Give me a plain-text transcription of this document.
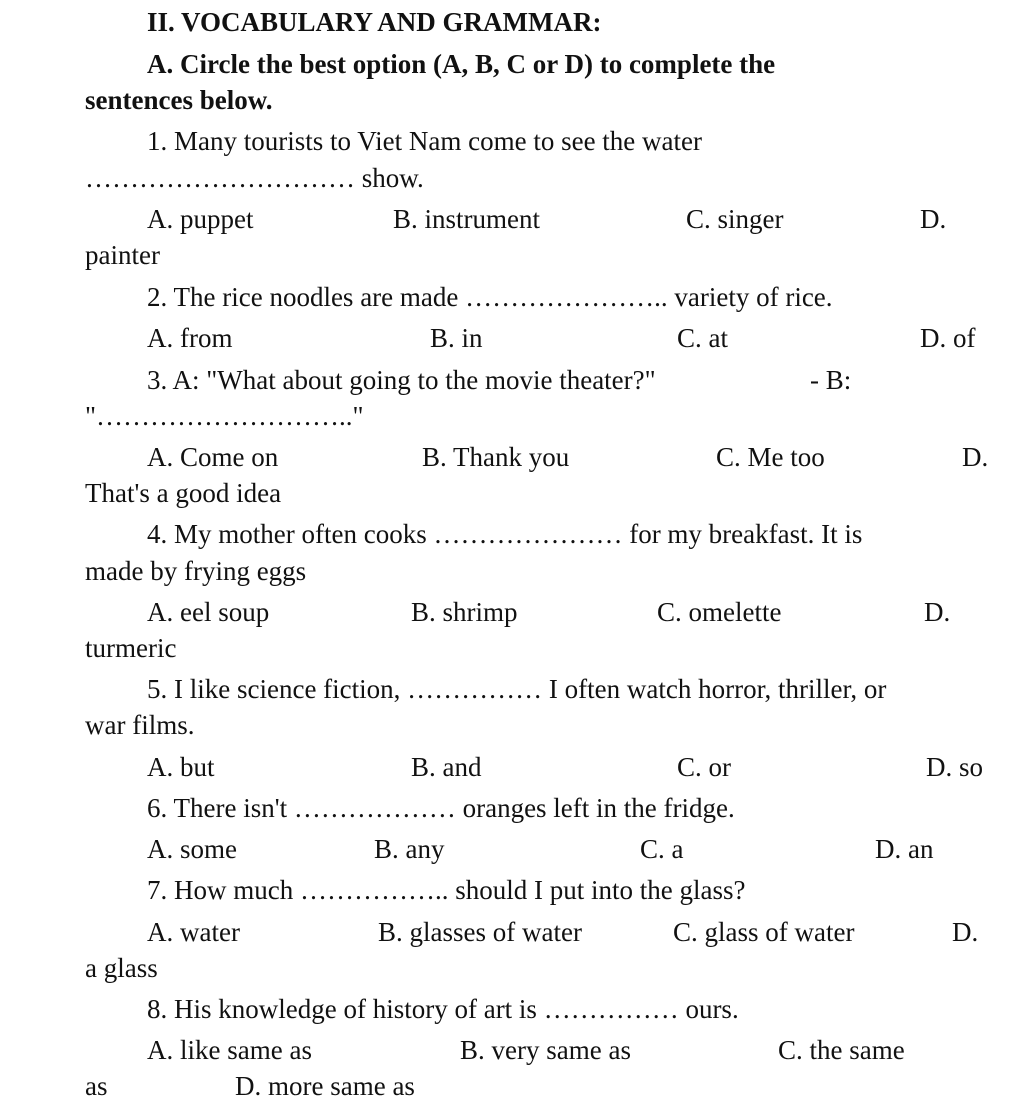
II. VOCABULARY AND GRAMMAR:
A. Circle the best option (A, B, C or D) to complete the
sentences below.
1. Many tourists to Viet Nam come to see the water
………………………… show.
A. puppet	B. instrument	C. singer	D.
painter
2. The rice noodles are made ………………….. variety of rice.
A. from	B. in	C. at	D. of
3. A: "What about going to the movie theater?"	- B:
"……………………….."
A. Come on	B. Thank you	C. Me too	D.
That's a good idea
4. My mother often cooks ………………… for my breakfast. It is
made by frying eggs
A. eel soup	B. shrimp	C. omelette	D.
turmeric
5. I like science fiction, …………… I often watch horror, thriller, or
war films.
A. but	B. and	C. or	D. so
6. There isn't ……………… oranges left in the fridge.
A. some	B. any	C. a	D. an
7. How much …………….. should I put into the glass?
A. water	B. glasses of water	C. glass of water	D.
a glass
8. His knowledge of history of art is …………… ours.
A. like same as	B. very same as	C. the same
as	D. more same as
